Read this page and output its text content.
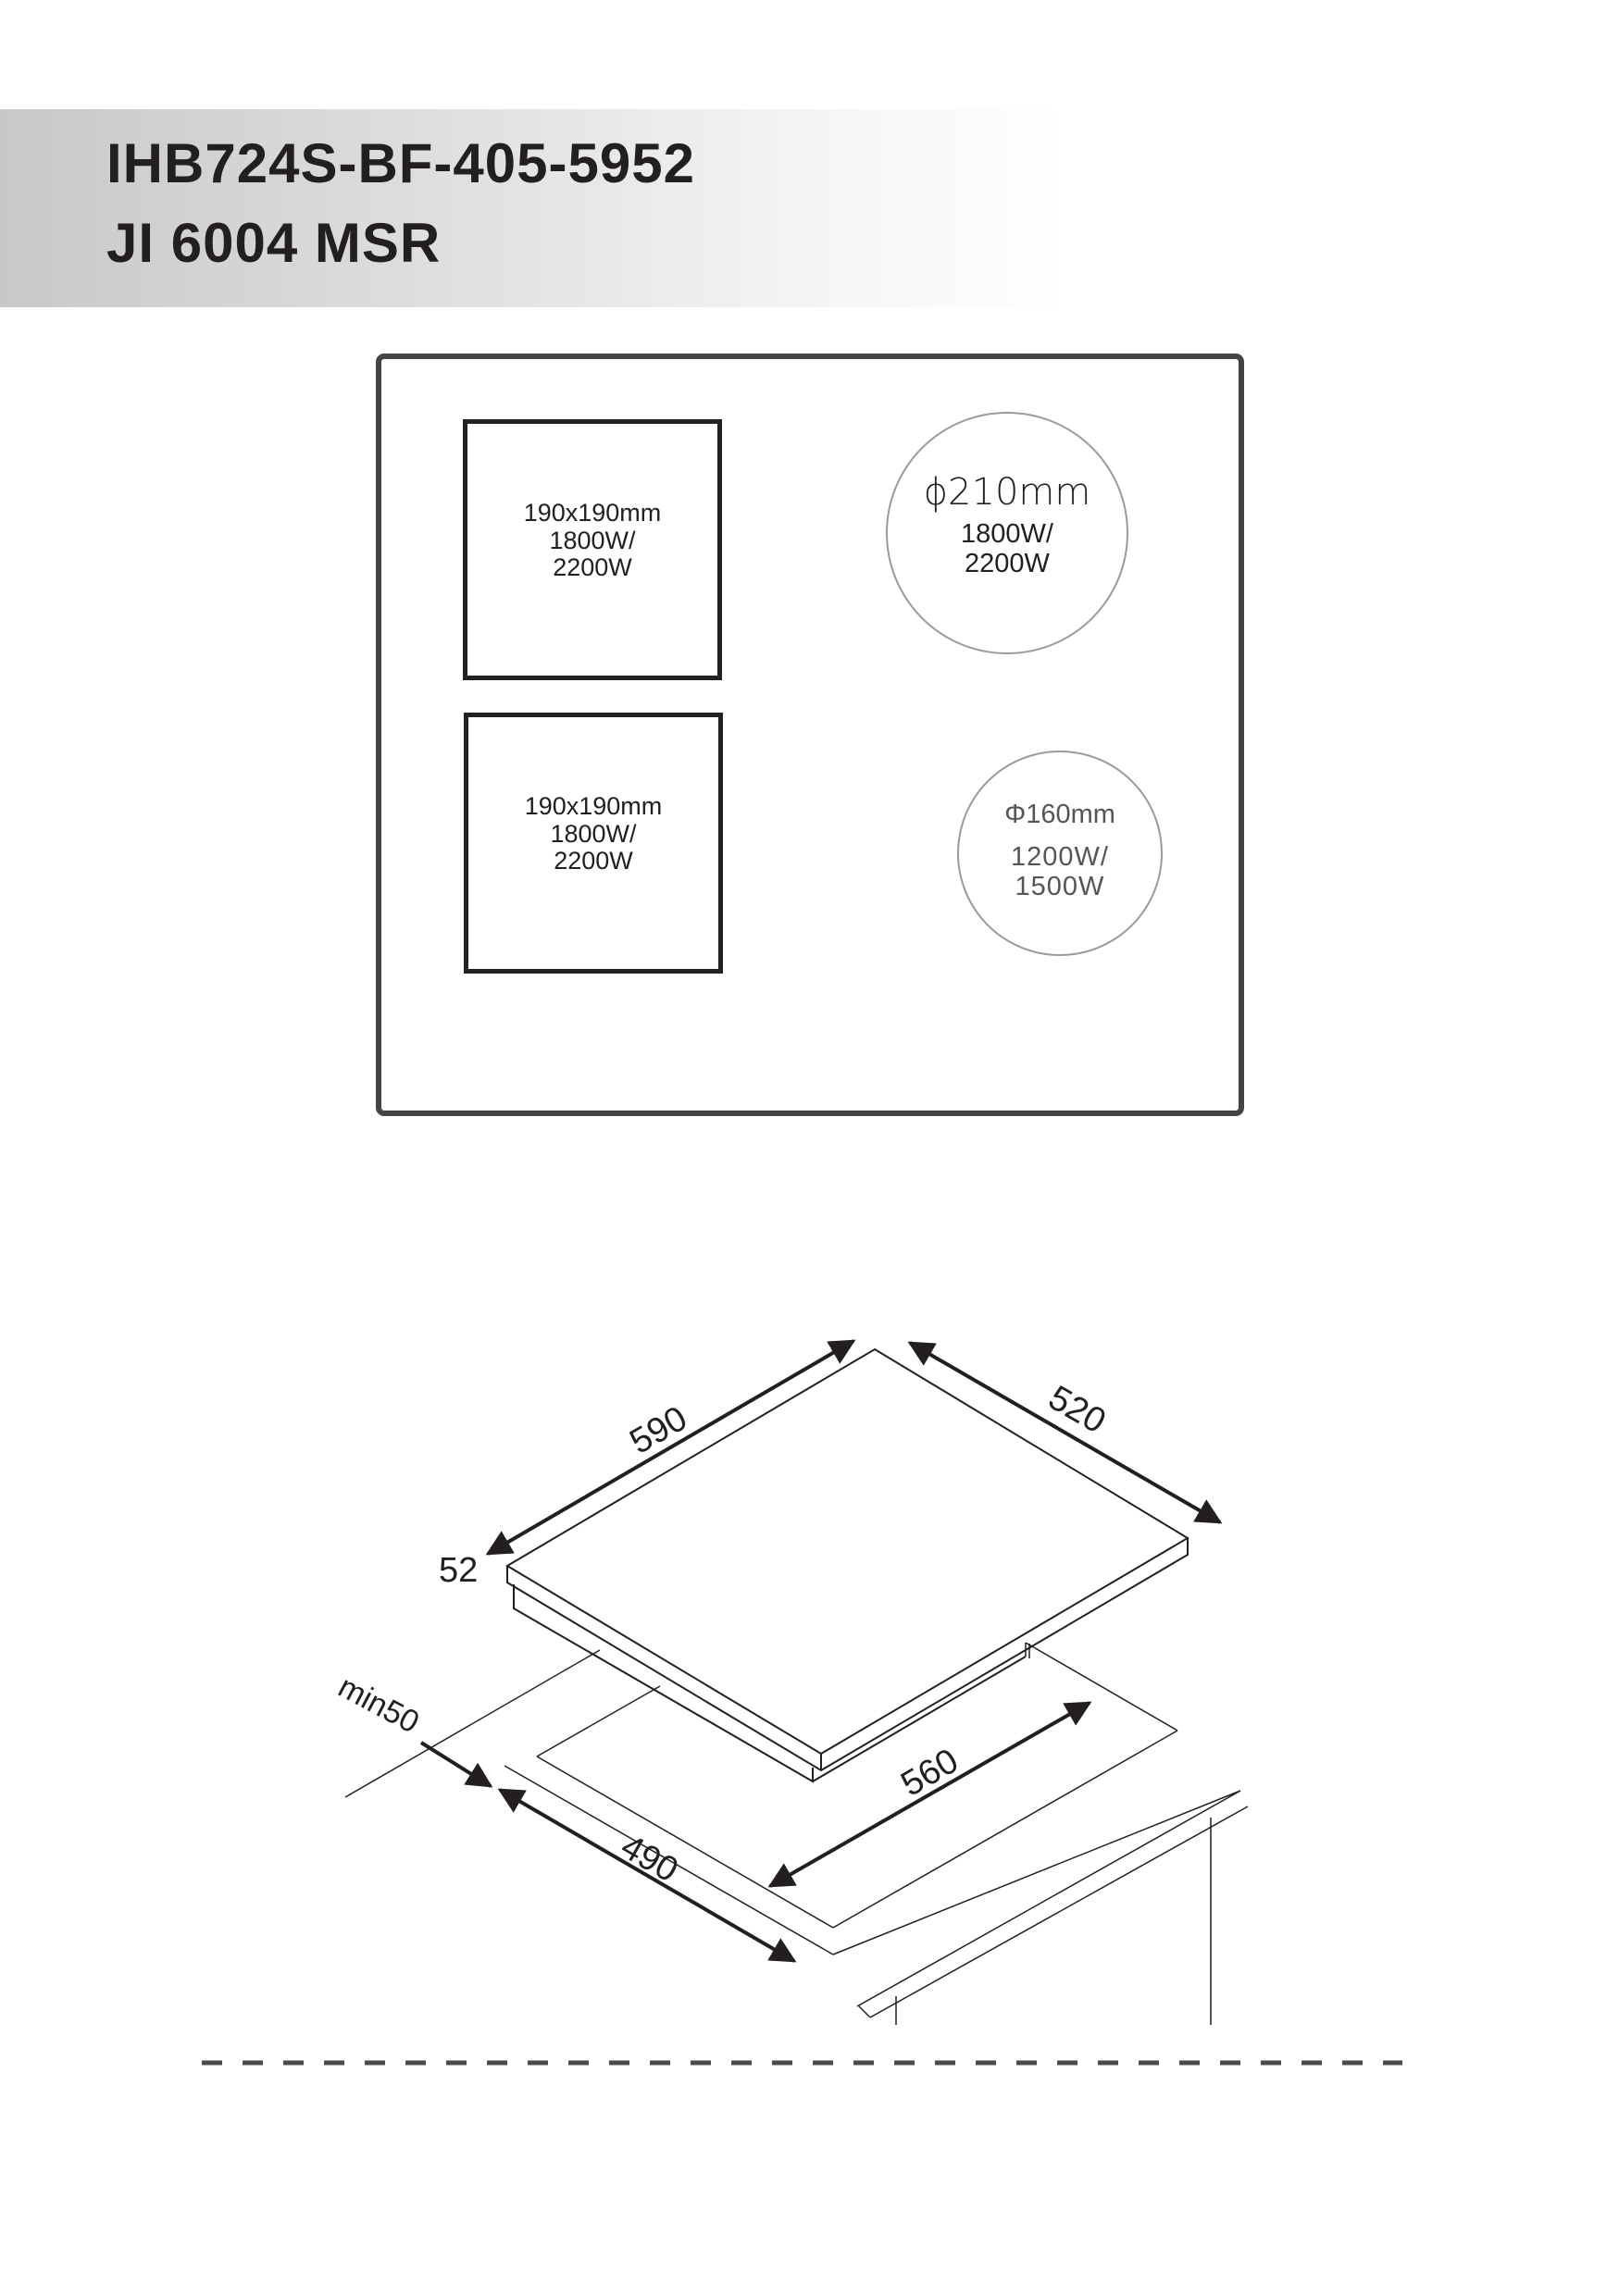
IHB724S-BF-405-5952
JI 6004 MSR
190x190mm
1800W/
2200W
190x190mm
1800W/
2200W
ϕ210mm
1800W/
2200W
Φ160mm
1200W/
1500W
590	520
52
560
490
min50
